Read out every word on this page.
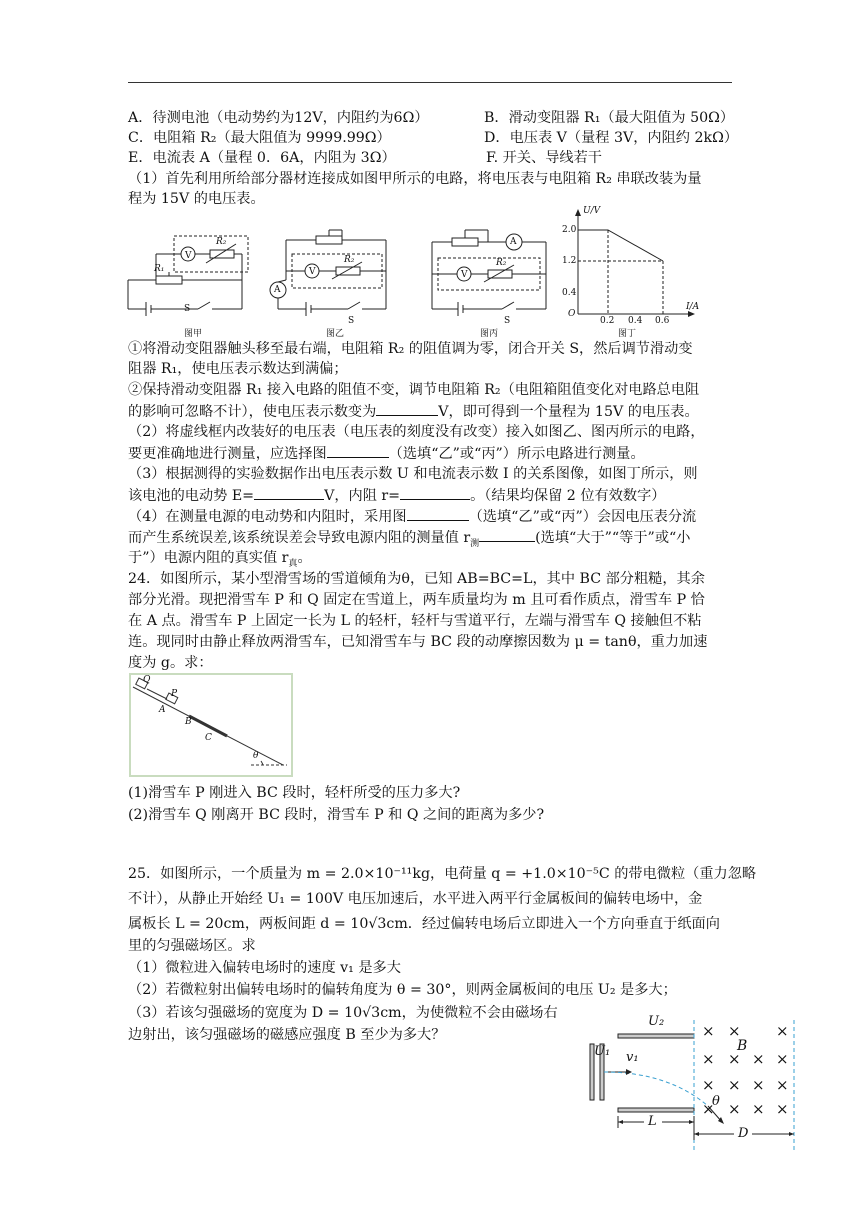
A．待测电池（电动势约为12V，内阻约为6Ω）	B．滑动变阻器 R₁（最大阻值为 50Ω）
C．电阻箱 R₂（最大阻值为 9999.99Ω）	D．电压表 V（量程 3V，内阻约 2kΩ）
E．电流表 A（量程 0．6A，内阻为 3Ω）	F. 开关、导线若干
（1）首先利用所给部分器材连接成如图甲所示的电路，将电压表与电阻箱 R₂ 串联改装为量
程为 15V 的电压表。
S
V
R₂
R₁
图甲
V
R₂
A
S
图乙
V
R₂
A
S
图丙
U/V
I/A
O
2.0
1.2
0.4
0.2 0.4 0.6
图丁
①将滑动变阻器触头移至最右端，电阻箱 R₂ 的阻值调为零，闭合开关 S，然后调节滑动变
阻器 R₁，使电压表示数达到满偏；
②保持滑动变阻器 R₁ 接入电路的阻值不变，调节电阻箱 R₂（电阻箱阻值变化对电路总电阻
的影响可忽略不计），使电压表示数变为	V，即可得到一个量程为 15V 的电压表。
（2）将虚线框内改装好的电压表（电压表的刻度没有改变）接入如图乙、图丙所示的电路，
要更准确地进行测量，应选择图	（选填“乙”或“丙”）所示电路进行测量。
（3）根据测得的实验数据作出电压表示数 U 和电流表示数 I 的关系图像，如图丁所示，则
该电池的电动势 E=	V，内阻 r=	。（结果均保留 2 位有效数字）
（4）在测量电源的电动势和内阻时，采用图	（选填“乙”或“丙”）会因电压表分流
而产生系统误差,该系统误差会导致电源内阻的测量值 $r_测$	(选填“大于”“等于”或“小
于”）电源内阻的真实值 $r_真$。
24．如图所示，某小型滑雪场的雪道倾角为θ，已知 AB=BC=L，其中 BC 部分粗糙，其余
部分光滑。现把滑雪车 P 和 Q 固定在雪道上，两车质量均为 m 且可看作质点，滑雪车 P 恰
在 A 点。滑雪车 P 上固定一长为 L 的轻杆，轻杆与雪道平行，左端与滑雪车 Q 接触但不粘
连。现同时由静止释放两滑雪车，已知滑雪车与 BC 段的动摩擦因数为 μ = tanθ，重力加速
度为 g。求：
Q
P
A
B
C
θ
(1)滑雪车 P 刚进入 BC 段时，轻杆所受的压力多大?
(2)滑雪车 Q 刚离开 BC 段时，滑雪车 P 和 Q 之间的距离为多少?
25．如图所示，一个质量为 m = 2.0×10⁻¹¹kg，电荷量 q = +1.0×10⁻⁵C 的带电微粒（重力忽略
不计），从静止开始经 U₁ = 100V 电压加速后，水平进入两平行金属板间的偏转电场中，金
属板长 L = 20cm，两板间距 d = 10√3cm．经过偏转电场后立即进入一个方向垂直于纸面向
里的匀强磁场区。求
（1）微粒进入偏转电场时的速度 v₁ 是多大
（2）若微粒射出偏转电场时的偏转角度为 θ = 30°，则两金属板间的电压 U₂ 是多大；
（3）若该匀强磁场的宽度为 D = 10√3cm，为使微粒不会由磁场右
边射出，该匀强磁场的磁感应强度 B 至少为多大？
U₂
U₁ v₁
B
θ
L
D
× × ×
× × × ×
× × × ×
× × × ×
